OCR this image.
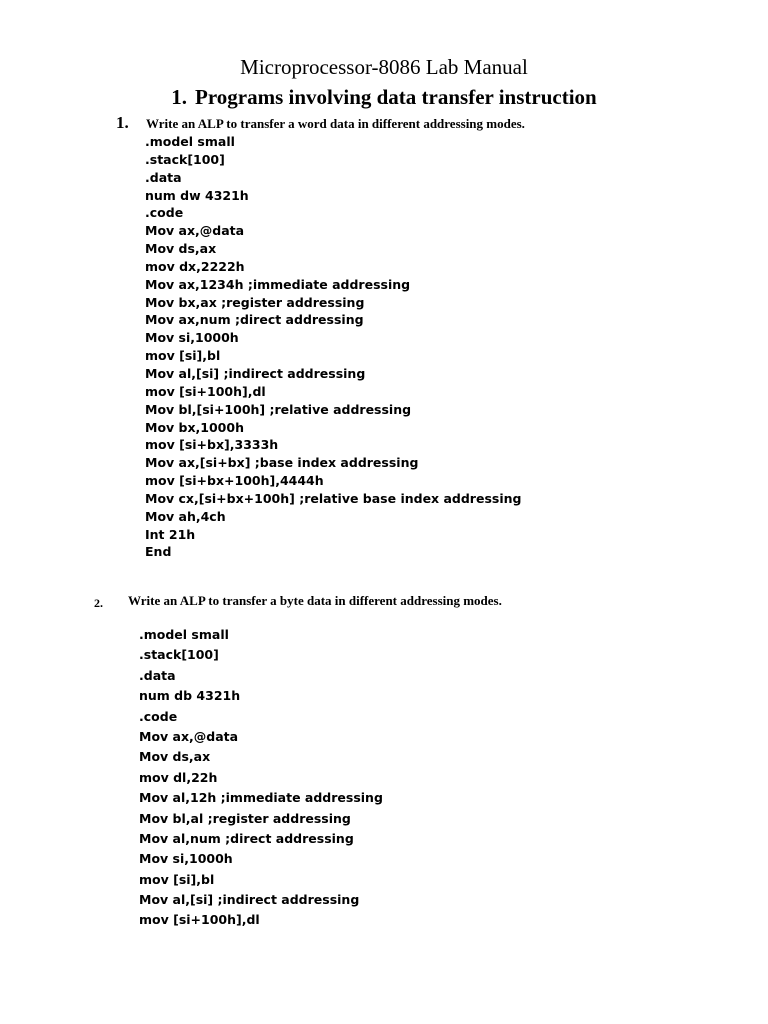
Microprocessor-8086 Lab Manual
1. Programs involving data transfer instruction
1. Write an ALP to transfer a word data in different addressing modes.
.model small
.stack[100]
.data
num dw 4321h
.code
Mov ax,@data
Mov ds,ax
mov dx,2222h
Mov ax,1234h ;immediate addressing
Mov bx,ax ;register addressing
Mov ax,num ;direct addressing
Mov si,1000h
mov [si],bl
Mov al,[si] ;indirect addressing
mov [si+100h],dl
Mov bl,[si+100h] ;relative addressing
Mov bx,1000h
mov [si+bx],3333h
Mov ax,[si+bx] ;base index addressing
mov [si+bx+100h],4444h
Mov cx,[si+bx+100h] ;relative base index addressing
Mov ah,4ch
Int 21h
End
2. Write an ALP to transfer a byte data in different addressing modes.
.model small
.stack[100]
.data
num db 4321h
.code
Mov ax,@data
Mov ds,ax
mov dl,22h
Mov al,12h ;immediate addressing
Mov bl,al ;register addressing
Mov al,num ;direct addressing
Mov si,1000h
mov [si],bl
Mov al,[si] ;indirect addressing
mov [si+100h],dl
